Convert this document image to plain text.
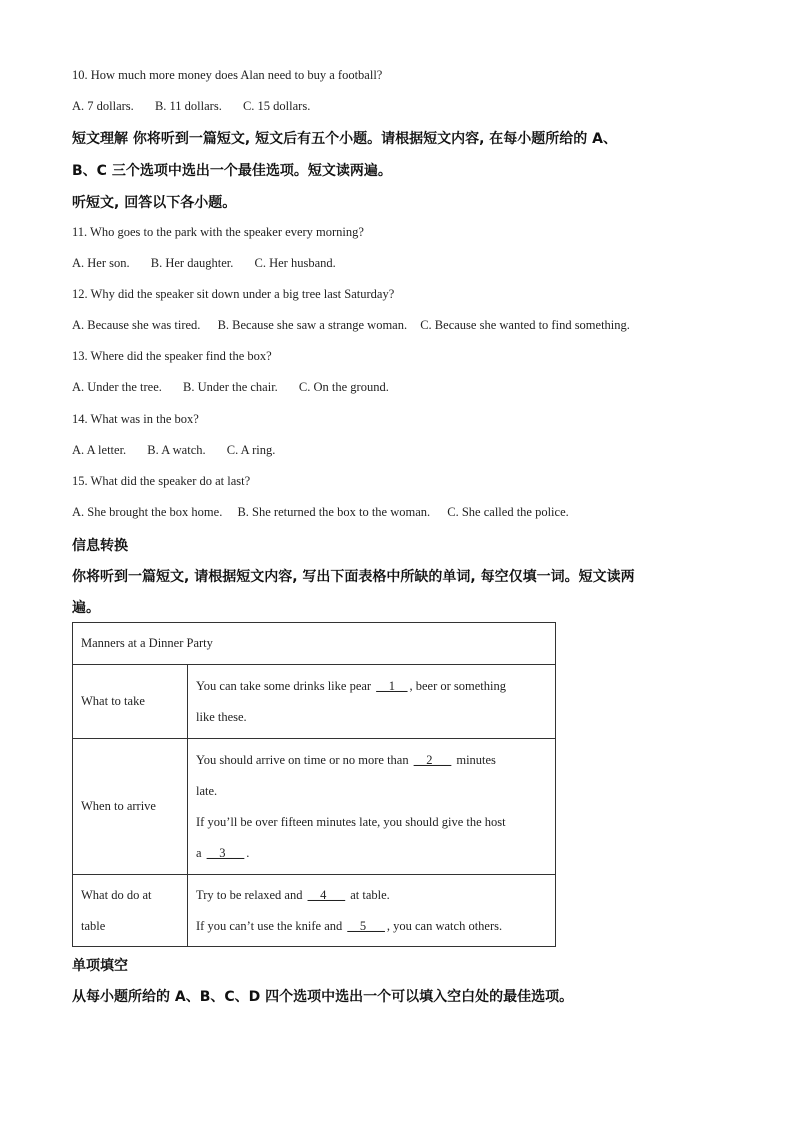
10. How much more money does Alan need to buy a football?
A. 7 dollars. B. 11 dollars. C. 15 dollars.
短文理解 你将听到一篇短文, 短文后有五个小题。请根据短文内容, 在每小题所给的 A、
B、C 三个选项中选出一个最佳选项。短文读两遍。
听短文, 回答以下各小题。
11. Who goes to the park with the speaker every morning?
A. Her son. B. Her daughter. C. Her husband.
12. Why did the speaker sit down under a big tree last Saturday?
A. Because she was tired. B. Because she saw a strange woman. C. Because she wanted to find something.
13. Where did the speaker find the box?
A. Under the tree. B. Under the chair. C. On the ground.
14. What was in the box?
A. A letter. B. A watch. C. A ring.
15. What did the speaker do at last?
A. She brought the box home. B. She returned the box to the woman. C. She called the police.
信息转换
你将听到一篇短文, 请根据短文内容, 写出下面表格中所缺的单词, 每空仅填一词。短文读两
遍。
Manners at a Dinner Party	
What to take	You can take some drinks like pear __1__ , beer or something
like these.
When to arrive	You should arrive on time or no more than __2___ minutes
late.
If you’ll be over fifteen minutes late, you should give the host
a __3___ .
What do do at
table	Try to be relaxed and __4___ at table.
If you can’t use the knife and __5___ , you can watch others.
单项填空
从每小题所给的 A、B、C、D 四个选项中选出一个可以填入空白处的最佳选项。
